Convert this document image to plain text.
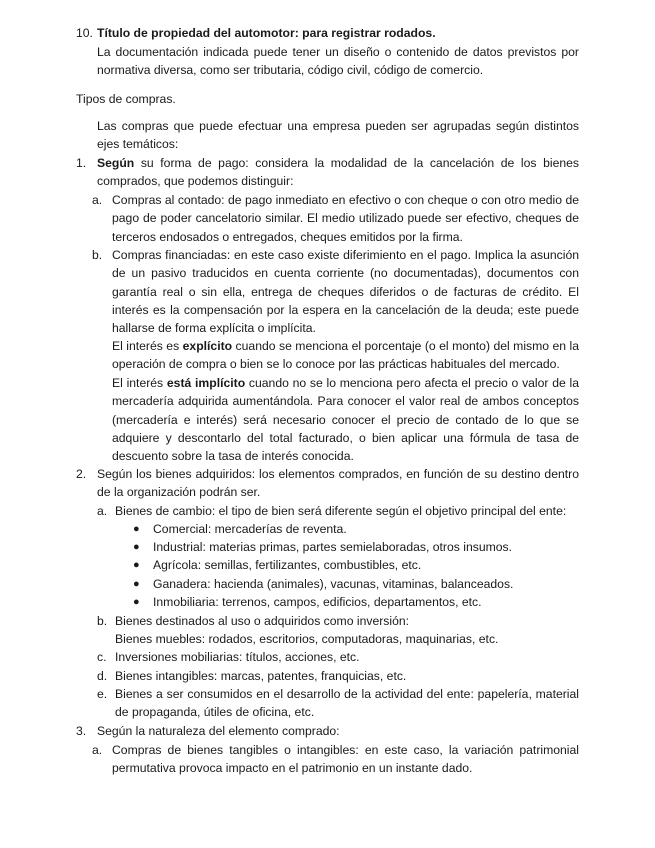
10. Título de propiedad del automotor: para registrar rodados.

La documentación indicada puede tener un diseño o contenido de datos previstos por normativa diversa, como ser tributaria, código civil, código de comercio.

Tipos de compras.

Las compras que puede efectuar una empresa pueden ser agrupadas según distintos ejes temáticos:

1. Según su forma de pago: considera la modalidad de la cancelación de los bienes comprados, que podemos distinguir:

a. Compras al contado: de pago inmediato en efectivo o con cheque o con otro medio de pago de poder cancelatorio similar. El medio utilizado puede ser efectivo, cheques de terceros endosados o entregados, cheques emitidos por la firma.

b. Compras financiadas: en este caso existe diferimiento en el pago. Implica la asunción de un pasivo traducidos en cuenta corriente (no documentadas), documentos con garantía real o sin ella, entrega de cheques diferidos o de facturas de crédito. El interés es la compensación por la espera en la cancelación de la deuda; este puede hallarse de forma explícita o implícita.

El interés es explícito cuando se menciona el porcentaje (o el monto) del mismo en la operación de compra o bien se lo conoce por las prácticas habituales del mercado.

El interés está implícito cuando no se lo menciona pero afecta el precio o valor de la mercadería adquirida aumentándola. Para conocer el valor real de ambos conceptos (mercadería e interés) será necesario conocer el precio de contado de lo que se adquiere y descontarlo del total facturado, o bien aplicar una fórmula de tasa de descuento sobre la tasa de interés conocida.

2. Según los bienes adquiridos: los elementos comprados, en función de su destino dentro de la organización podrán ser.

a. Bienes de cambio: el tipo de bien será diferente según el objetivo principal del ente:

● Comercial: mercaderías de reventa.

● Industrial: materias primas, partes semielaboradas, otros insumos.

● Agrícola: semillas, fertilizantes, combustibles, etc.

● Ganadera: hacienda (animales), vacunas, vitaminas, balanceados.

● Inmobiliaria: terrenos, campos, edificios, departamentos, etc.

b. Bienes destinados al uso o adquiridos como inversión:

Bienes muebles: rodados, escritorios, computadoras, maquinarias, etc.

c. Inversiones mobiliarias: títulos, acciones, etc.

d. Bienes intangibles: marcas, patentes, franquicias, etc.

e. Bienes a ser consumidos en el desarrollo de la actividad del ente: papelería, material de propaganda, útiles de oficina, etc.

3. Según la naturaleza del elemento comprado:

a. Compras de bienes tangibles o intangibles: en este caso, la variación patrimonial permutativa provoca impacto en el patrimonio en un instante dado.
